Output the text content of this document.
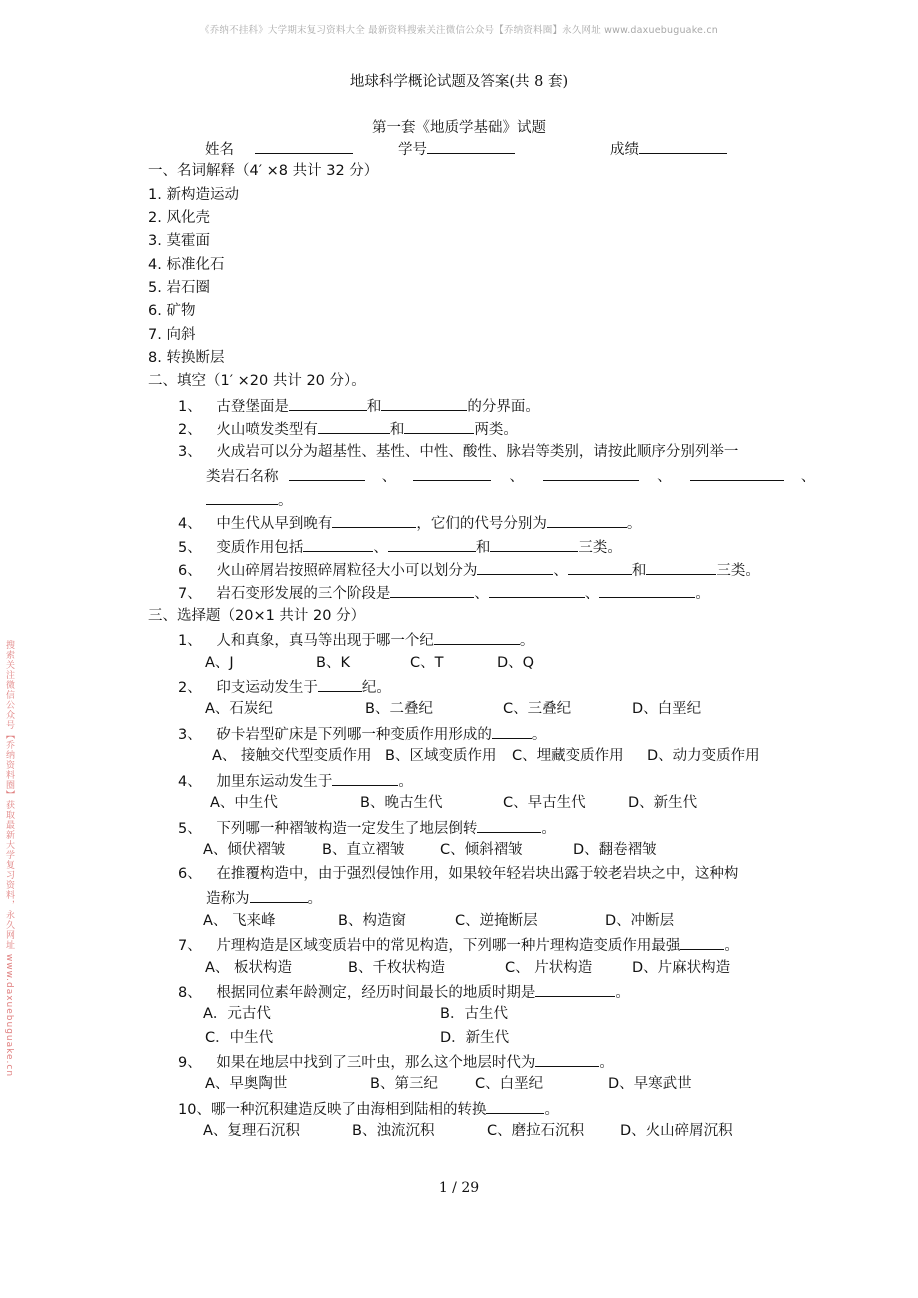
《乔纳不挂科》大学期末复习资料大全 最新资料搜索关注微信公众号【乔纳资料圈】永久网址 www.daxuebuguake.cn
搜索关注微信公众号【乔纳资料圈】获取最新大学复习资料，永久网址 www.daxuebuguake.cn
地球科学概论试题及答案(共 8 套)
第一套《地质学基础》试题
姓名	学号	成绩
一、名词解释（4′ ×8 共计 32 分）
1. 新构造运动
2. 风化壳
3. 莫霍面
4. 标准化石
5. 岩石圈
6. 矿物
7. 向斜
8. 转换断层
二、填空（1′ ×20 共计 20 分）。
1、 古登堡面是	和	的分界面。
2、 火山喷发类型有	和	两类。
3、 火成岩可以分为超基性、基性、中性、酸性、脉岩等类别，请按此顺序分别列举一
类岩石名称	、	、	、	、
。
4、 中生代从早到晚有	，它们的代号分别为	。
5、 变质作用包括	、	和	三类。
6、 火山碎屑岩按照碎屑粒径大小可以划分为	、	和	三类。
7、 岩石变形发展的三个阶段是	、	、	。
三、选择题（20×1 共计 20 分）
1、 人和真象，真马等出现于哪一个纪	。
A、J	B、K	C、T	D、Q
2、 印支运动发生于	纪。
A、石炭纪	B、二叠纪	C、三叠纪	D、白垩纪
3、 矽卡岩型矿床是下列哪一种变质作用形成的	。
A、 接触交代型变质作用 B、区域变质作用 C、埋藏变质作用 D、动力变质作用
4、 加里东运动发生于	。
A、中生代	B、晚古生代	C、早古生代	D、新生代
5、 下列哪一种褶皱构造一定发生了地层倒转	。
A、倾伏褶皱	B、直立褶皱 C、倾斜褶皱	D、翻卷褶皱
6、 在推覆构造中，由于强烈侵蚀作用，如果较年轻岩块出露于较老岩块之中，这种构
造称为	。
A、 飞来峰	B、构造窗	C、逆掩断层	D、冲断层
7、 片理构造是区域变质岩中的常见构造，下列哪一种片理构造变质作用最强	。
A、 板状构造	B、千枚状构造	C、 片状构造	D、片麻状构造
8、 根据同位素年龄测定，经历时间最长的地质时期是	。
A．元古代	B．古生代
C．中生代	D．新生代
9、 如果在地层中找到了三叶虫，那么这个地层时代为	。
A、早奥陶世	B、第三纪	C、白垩纪	D、早寒武世
10、哪一种沉积建造反映了由海相到陆相的转换	。
A、复理石沉积	B、浊流沉积	C、磨拉石沉积 D、火山碎屑沉积
1 / 29
